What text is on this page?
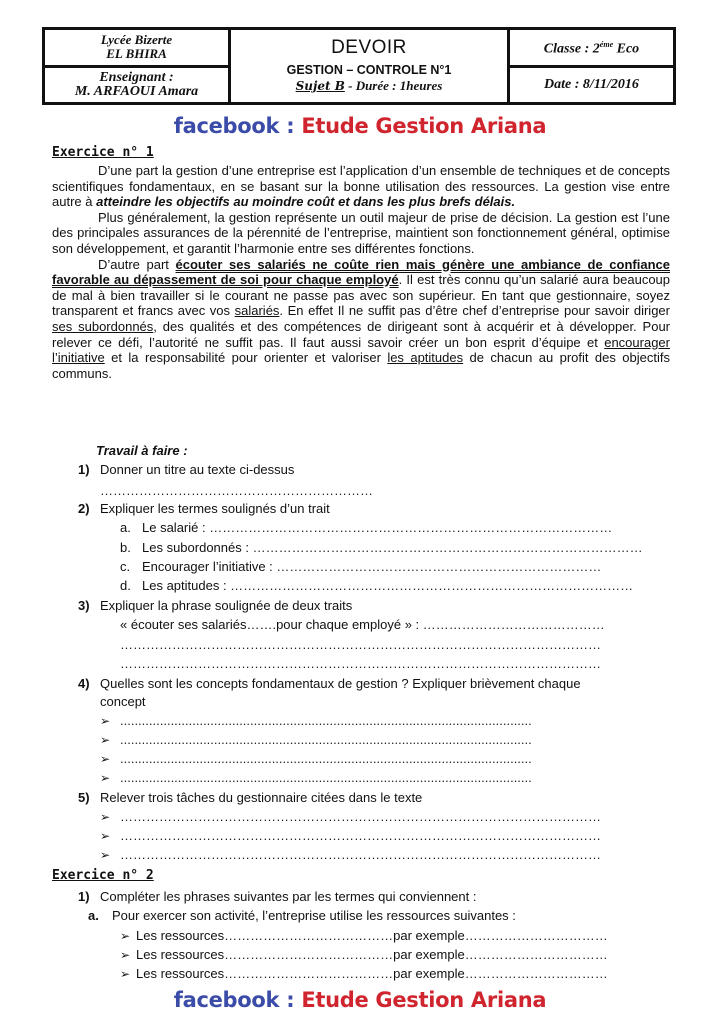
Lycée Bizerte
EL BHIRA
Enseignant :
M. ARFAOUI Amara
DEVOIR
GESTION – CONTROLE N°1
Sujet B - Durée : 1heures
Classe : $2^{éme}$ Eco
Date : 8/11/2016
facebook : Etude Gestion Ariana
Exercice n° 1

D’une part la gestion d’une entreprise est l’application d’un ensemble de techniques et de concepts scientifiques fondamentaux, en se basant sur la bonne utilisation des ressources. La gestion vise entre autre à atteindre les objectifs au moindre coût et dans les plus brefs délais.

Plus généralement, la gestion représente un outil majeur de prise de décision. La gestion est l’une des principales assurances de la pérennité de l’entreprise, maintient son fonctionnement général, optimise son développement, et garantit l’harmonie entre ses différentes fonctions.

D’autre part écouter ses salariés ne coûte rien mais génère une ambiance de confiance favorable au dépassement de soi pour chaque employé. Il est très connu qu’un salarié aura beaucoup de mal à bien travailler si le courant ne passe pas avec son supérieur. En tant que gestionnaire, soyez transparent et francs avec vos salariés. En effet Il ne suffit pas d’être chef d’entreprise pour savoir diriger ses subordonnés, des qualités et des compétences de dirigeant sont à acquérir et à développer. Pour relever ce défi, l’autorité ne suffit pas. Il faut aussi savoir créer un bon esprit d’équipe et encourager l’initiative et la responsabilité pour orienter et valoriser les aptitudes de chacun au profit des objectifs communs.

Travail à faire :
1) Donner un titre au texte ci-dessus
………………………………………………………
2) Expliquer les termes soulignés d’un trait
a. Le salarié : …………………………………………………………………………………
b. Les subordonnés : ………………………………………………………………………………
c. Encourager l’initiative : …………………………………………………………………
d. Les aptitudes : …………………………………………………………………………………
3) Expliquer la phrase soulignée de deux traits
« écouter ses salariés…….pour chaque employé » : ……………………………………
…………………………………………………………………………………………………
…………………………………………………………………………………………………
4) Quelles sont les concepts fondamentaux de gestion ? Expliquer brièvement chaque
concept
➢ ..................................................................................................................
➢ ..................................................................................................................
➢ ..................................................................................................................
➢ ..................................................................................................................
5) Relever trois tâches du gestionnaire citées dans le texte
➢ …………………………………………………………………………………………………
➢ …………………………………………………………………………………………………
➢ …………………………………………………………………………………………………
Exercice n° 2
1) Compléter les phrases suivantes par les termes qui conviennent :
a. Pour exercer son activité, l’entreprise utilise les ressources suivantes :
➢ Les ressources…………………………………par exemple……………………………
➢ Les ressources…………………………………par exemple……………………………
➢ Les ressources…………………………………par exemple……………………………
facebook : Etude Gestion Ariana
